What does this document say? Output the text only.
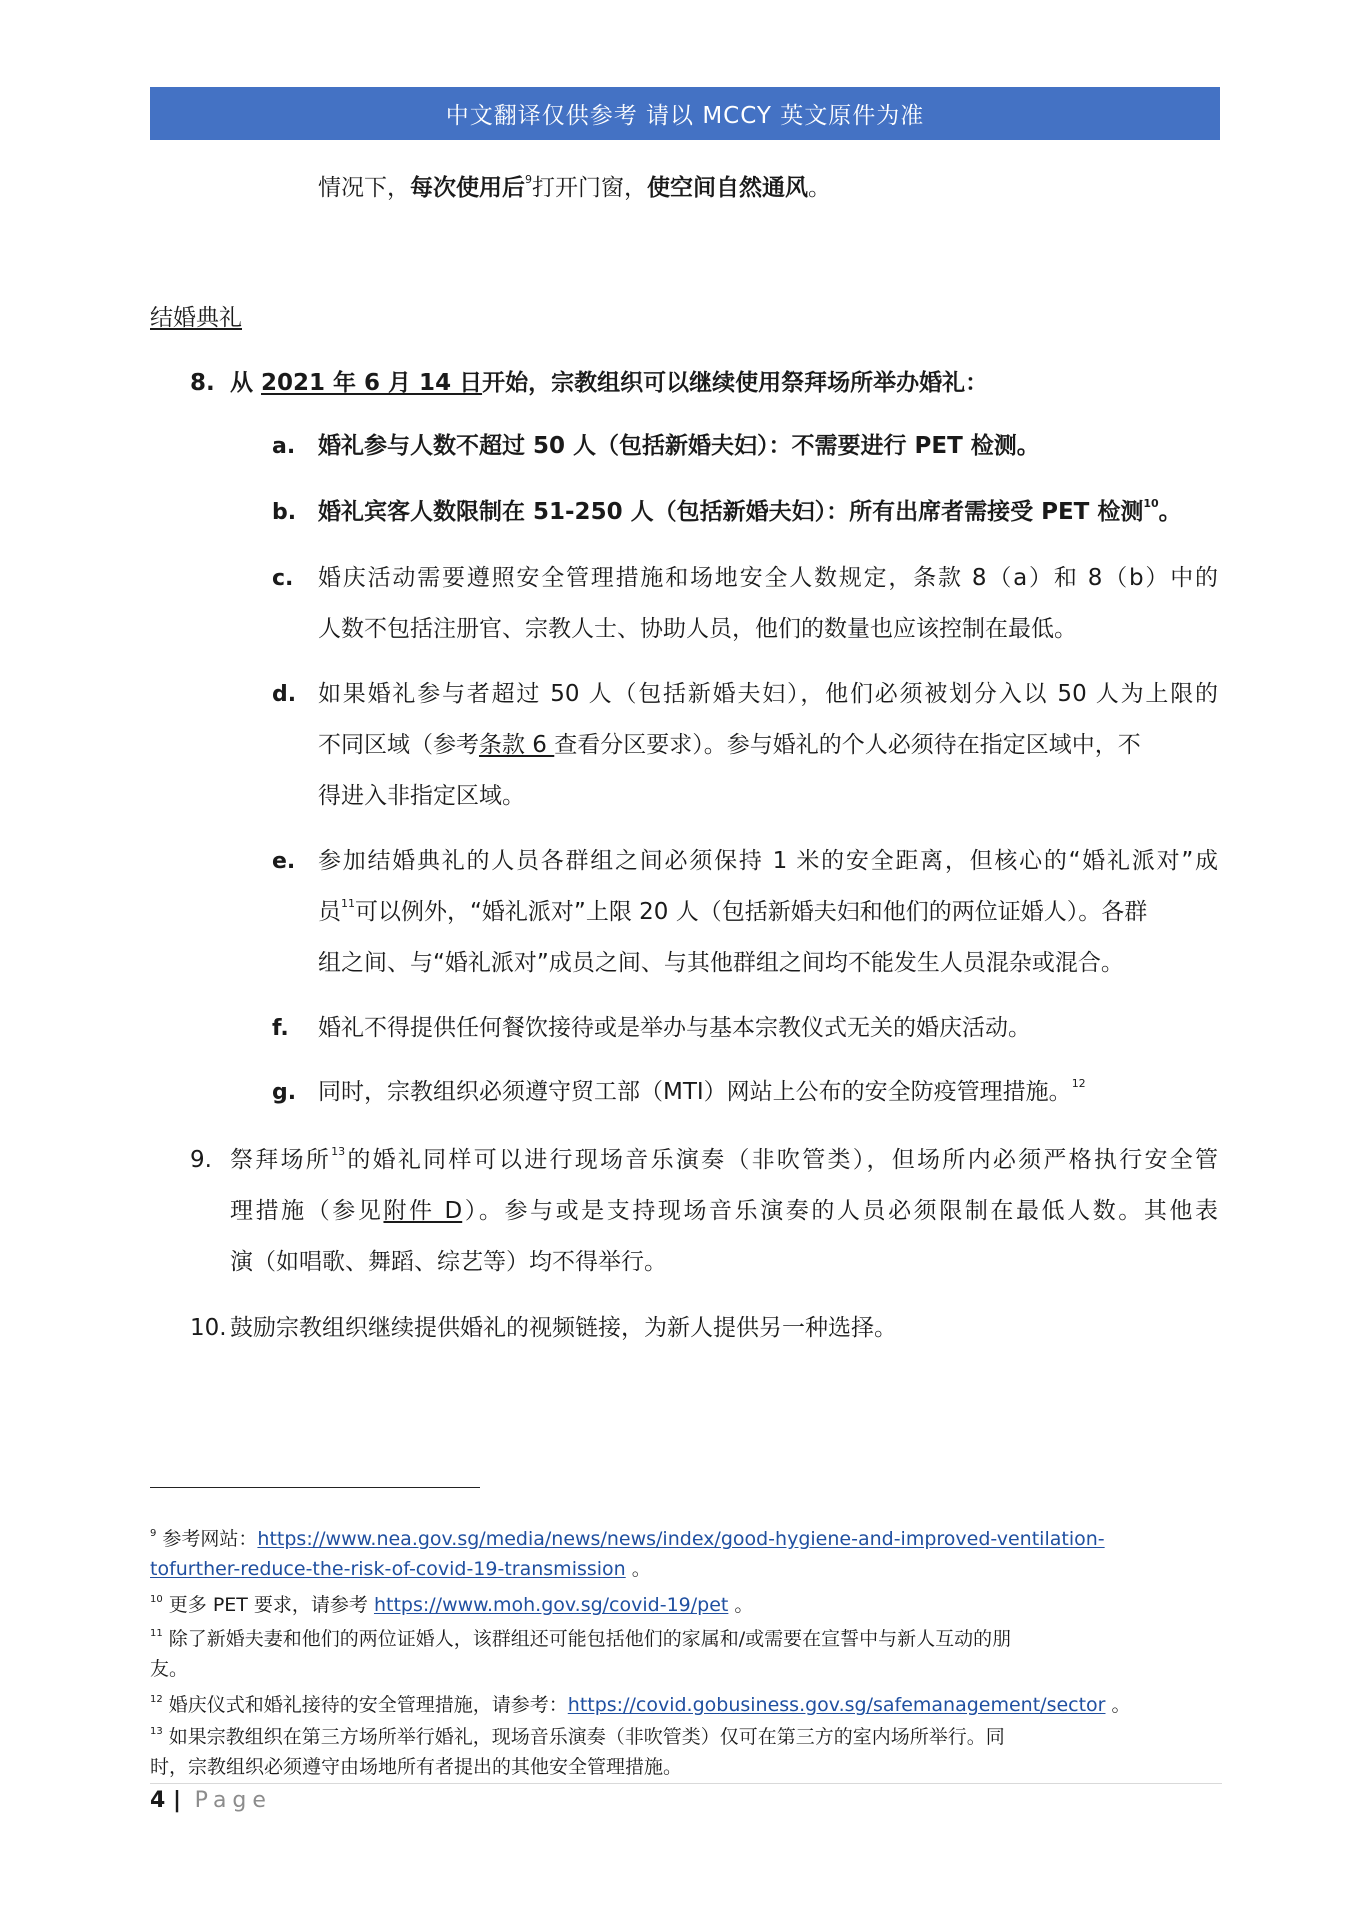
中文翻译仅供参考 请以 MCCY 英文原件为准
情况下，每次使用后$^9$打开门窗，使空间自然通风。
结婚典礼
8. 从 2021 年 6 月 14 日开始，宗教组织可以继续使用祭拜场所举办婚礼：
a. 婚礼参与人数不超过 50 人（包括新婚夫妇）：不需要进行 PET 检测。
b. 婚礼宾客人数限制在 51-250 人（包括新婚夫妇）：所有出席者需接受 PET 检测$^{10}$。
c. 婚庆活动需要遵照安全管理措施和场地安全人数规定，条款 8（a）和 8（b）中的
人数不包括注册官、宗教人士、协助人员，他们的数量也应该控制在最低。
d. 如果婚礼参与者超过 50 人（包括新婚夫妇），他们必须被划分入以 50 人为上限的
不同区域（参考条款 6 查看分区要求）。参与婚礼的个人必须待在指定区域中，不
得进入非指定区域。
e. 参加结婚典礼的人员各群组之间必须保持 1 米的安全距离，但核心的“婚礼派对”成
员$^{11}$可以例外，“婚礼派对”上限 20 人（包括新婚夫妇和他们的两位证婚人）。各群
组之间、与“婚礼派对”成员之间、与其他群组之间均不能发生人员混杂或混合。
f. 婚礼不得提供任何餐饮接待或是举办与基本宗教仪式无关的婚庆活动。
g. 同时，宗教组织必须遵守贸工部（MTI）网站上公布的安全防疫管理措施。$^{12}$
9. 祭拜场所$^{13}$的婚礼同样可以进行现场音乐演奏（非吹管类），但场所内必须严格执行安全管
理措施（参见附件 D）。参与或是支持现场音乐演奏的人员必须限制在最低人数。其他表
演（如唱歌、舞蹈、综艺等）均不得举行。
10. 鼓励宗教组织继续提供婚礼的视频链接，为新人提供另一种选择。
$^9$ 参考网站：https://www.nea.gov.sg/media/news/news/index/good-hygiene-and-improved-ventilation-
tofurther-reduce-the-risk-of-covid-19-transmission 。
$^{10}$ 更多 PET 要求，请参考 https://www.moh.gov.sg/covid-19/pet 。
$^{11}$ 除了新婚夫妻和他们的两位证婚人，该群组还可能包括他们的家属和/或需要在宣誓中与新人互动的朋
友。
$^{12}$ 婚庆仪式和婚礼接待的安全管理措施，请参考：https://covid.gobusiness.gov.sg/safemanagement/sector 。
$^{13}$ 如果宗教组织在第三方场所举行婚礼，现场音乐演奏（非吹管类）仅可在第三方的室内场所举行。同
时，宗教组织必须遵守由场地所有者提出的其他安全管理措施。
4 | Page
